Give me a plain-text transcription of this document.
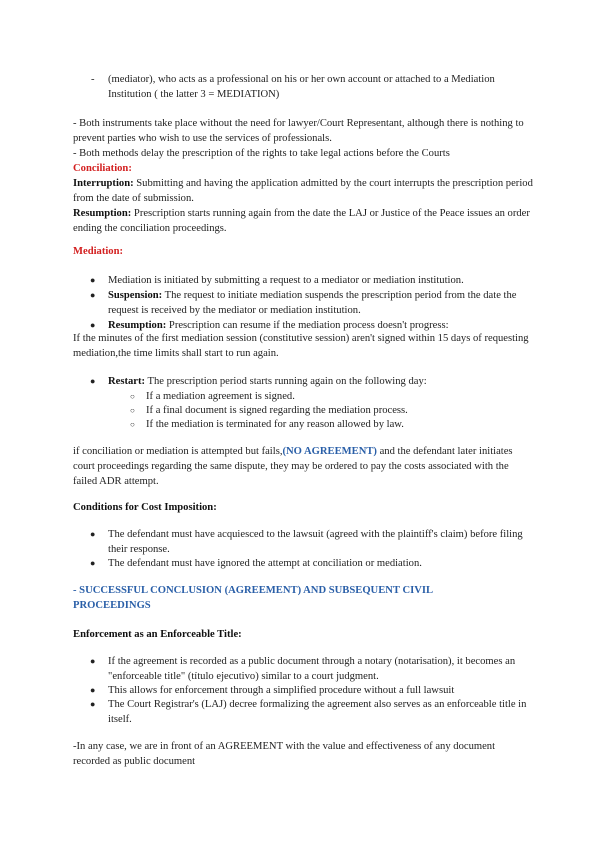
- (mediator), who acts as a professional on his or her own account or attached to a Mediation Institution ( the latter 3 = MEDIATION)
- Both instruments take place without the need for lawyer/Court Representant, although there is nothing to prevent parties who wish to use the services of professionals.
- Both methods delay the prescription of the rights to take legal actions before the Courts
Conciliation:
Interruption: Submitting and having the application admitted by the court interrupts the prescription period from the date of submission.
Resumption: Prescription starts running again from the date the LAJ or Justice of the Peace issues an order ending the conciliation proceedings.
Mediation:
●	Mediation is initiated by submitting a request to a mediator or mediation institution.
●	Suspension: The request to initiate mediation suspends the prescription period from the date the request is received by the mediator or mediation institution.
●	Resumption: Prescription can resume if the mediation process doesn't progress:
If the minutes of the first mediation session (constitutive session) aren't signed within 15 days of requesting mediation,the time limits shall start to run again.
●	Restart: The prescription period starts running again on the following day:
○	If a mediation agreement is signed.
○	If a final document is signed regarding the mediation process.
○	If the mediation is terminated for any reason allowed by law.
if conciliation or mediation is attempted but fails,(NO AGREEMENT) and the defendant later initiates court proceedings regarding the same dispute, they may be ordered to pay the costs associated with the failed ADR attempt.
Conditions for Cost Imposition:
●	The defendant must have acquiesced to the lawsuit (agreed with the plaintiff's claim) before filing their response.
●	The defendant must have ignored the attempt at conciliation or mediation.
- SUCCESSFUL CONCLUSION (AGREEMENT) AND SUBSEQUENT CIVIL PROCEEDINGS
Enforcement as an Enforceable Title:
●	If the agreement is recorded as a public document through a notary (notarisation), it becomes an "enforceable title" (título ejecutivo) similar to a court judgment.
●	This allows for enforcement through a simplified procedure without a full lawsuit
●	The Court Registrar's (LAJ) decree formalizing the agreement also serves as an enforceable title in itself.
-In any case, we are in front of an AGREEMENT with the value and effectiveness of any document recorded as public document
